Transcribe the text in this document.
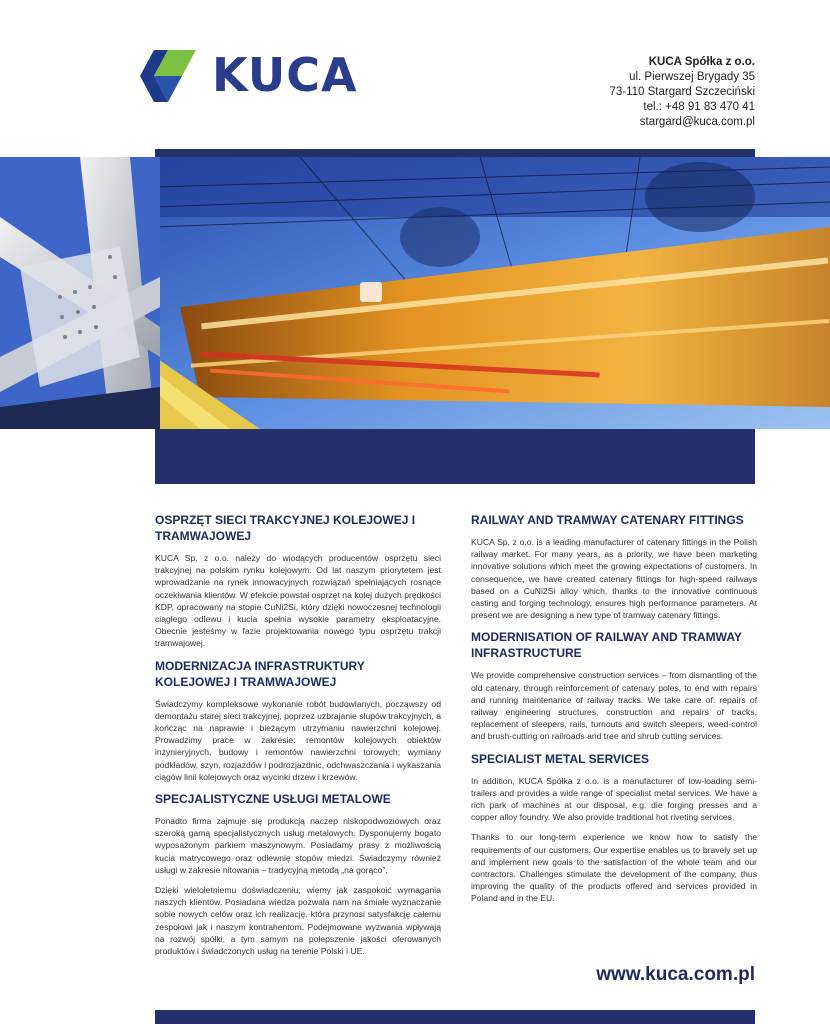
KUCA	KUCA Spółka z o.o.
ul. Pierwszej Brygady 35
73-110 Stargard Szczeciński
tel.: +48 91 83 470 41
stargard@kuca.com.pl
OSPRZĘT SIECI TRAKCYJNEJ KOLEJOWEJ I TRAMWAJOWEJ
KUCA Sp. z o.o. należy do wiodących producentów osprzętu sieci trakcyjnej na polskim rynku kolejowym. Od lat naszym priorytetem jest wprowadzanie na rynek innowacyjnych rozwiązań spełniających rosnące oczekiwania klientów. W efekcie powstał osprzęt na kolej dużych prędkości KDP, opracowany na stopie CuNi2Si, który dzięki nowoczesnej technologii ciągłego odlewu i kucia spełnia wysokie parametry eksploatacyjne. Obecnie jesteśmy w fazie projektowania nowego typu osprzętu trakcji tramwajowej.
MODERNIZACJA INFRASTRUKTURY KOLEJOWEJ I TRAMWAJOWEJ
Świadczymy kompleksowe wykonanie robót budowlanych, począwszy od demontażu starej sieci trakcyjnej, poprzez uzbrajanie słupów trakcyjnych, a kończąc na naprawie i bieżącym utrzymaniu nawierzchni kolejowej. Prowadzimy prace w zakresie: remontów kolejowych obiektów inżynieryjnych, budowy i remontów nawierzchni torowych; wymiany podkładów, szyn, rozjazdów i podrozjazdnic, odchwaszczania i wykaszania ciągów linii kolejowych oraz wycinki drzew i krzewów.
SPECJALISTYCZNE USŁUGI METALOWE
Ponadto firma zajmuje się produkcją naczep niskopodwoziowych oraz szeroką gamą specjalistycznych usług metalowych. Dysponujemy bogato wyposażonym parkiem maszynowym. Posiadamy prasy z możliwością kucia matrycowego oraz odlewnię stopów miedzi. Świadczymy również usługi w zakresie nitowania – tradycyjną metodą „na gorąco”.
Dzięki wieloletniemu doświadczeniu, wiemy jak zaspokoić wymagania naszych klientów. Posiadana wiedza pozwala nam na śmiałe wyznaczanie sobie nowych celów oraz ich realizację, która przynosi satysfakcję całemu zespołowi jak i naszym kontrahentom. Podejmowane wyzwania wpływają na rozwój spółki, a tym samym na polepszenie jakości oferowanych produktów i świadczonych usług na terenie Polski i UE.
RAILWAY AND TRAMWAY CATENARY FITTINGS
KUCA Sp. z o.o. is a leading manufacturer of catenary fittings in the Polish railway market. For many years, as a priority, we have been marketing innovative solutions which meet the growing expectations of customers. In consequence, we have created catenary fittings for high-speed railways based on a CuNi2Si alloy which, thanks to the innovative continuous casting and forging technology, ensures high performance parameters. At present we are designing a new type of tramway catenary fittings.
MODERNISATION OF RAILWAY AND TRAMWAY INFRASTRUCTURE
We provide comprehensive construction services – from dismantling of the old catenary, through reinforcement of catenary poles, to end with repairs and running maintenance of railway tracks. We take care of: repairs of railway engineering structures, construction and repairs of tracks, replacement of sleepers, rails, turnouts and switch sleepers, weed-control and brush-cutting on railroads and tree and shrub cutting services.
SPECIALIST METAL SERVICES
In addition, KUCA Spółka z o.o. is a manufacturer of low-loading semi-trailers and provides a wide range of specialist metal services. We have a rich park of machines at our disposal, e.g. die forging presses and a copper alloy foundry. We also provide traditional hot riveting services.
Thanks to our long-term experience we know how to satisfy the requirements of our customers. Our expertise enables us to bravely set up and implement new goals to the satisfaction of the whole team and our contractors. Challenges stimulate the development of the company, thus improving the quality of the products offered and services provided in Poland and in the EU.
www.kuca.com.pl
